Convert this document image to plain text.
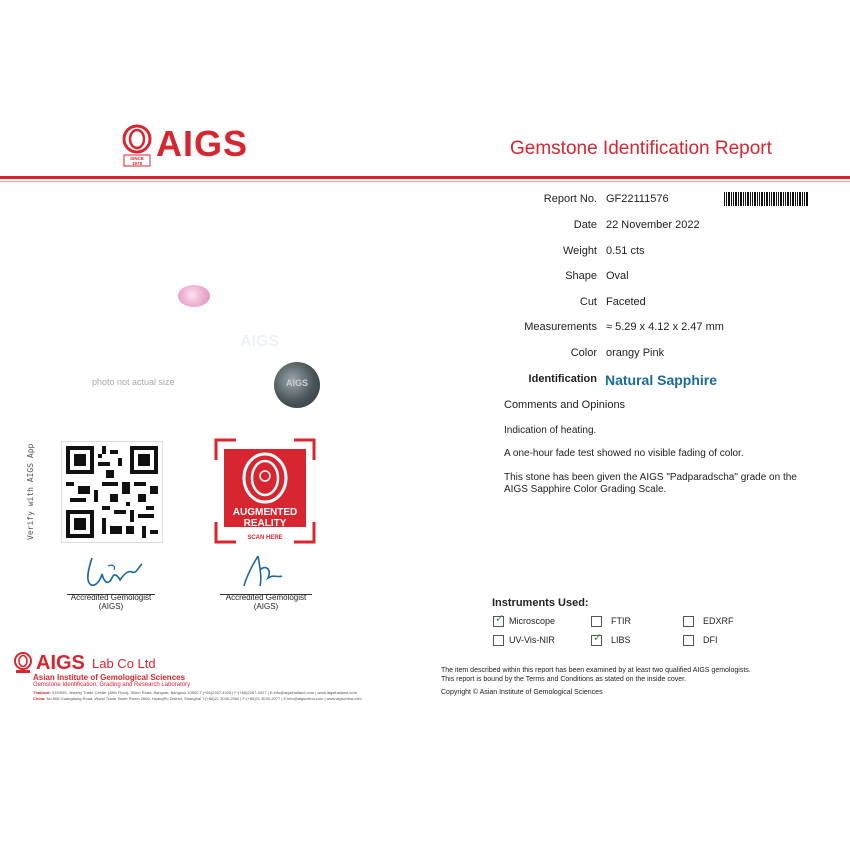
SINCE 1978 AIGS	Gemstone Identification Report
Report No. GF22111576
Date 22 November 2022
Weight 0.51 cts
Shape Oval
Cut Faceted
Measurements ≈ 5.29 x 4.12 x 2.47 mm
Color orangy Pink
Identification Natural Sapphire
Comments and Opinions
Indication of heating.
A one-hour fade test showed no visible fading of color.
This stone has been given the AIGS "Padparadscha" grade on the AIGS Sapphire Color Grading Scale.
AIGS
photo not actual size	AIGS
Verify with AIGS App	AUGMENTED
REALITY
SCAN HERE
Accredited Gemologist
(AIGS)
Accredited Gemologist
(AIGS)
AIGS Lab Co Ltd
Asian Institute of Gemological Sciences
Gemstone Identification, Grading and Research Laboratory
Thailand: 919/539, Jewelry Trade Center (48th Floor), Silom Road, Bangrak, Bangkok 10500 T:(+66)2267-4325 | F:(+66)2267-4327 | E:info@aigsthailand.com | www.aigsthailand.com
China: No.808 Guangdong Road, World Trade Tower Room 2606, HuangPu District, Shanghai T:(+86)21 3030-2060 | F:(+86)21 3030-2077 | E:info@aigschina.com | www.aigschina.com
Instruments Used:
✓ Microscope	FTIR	EDXRF
UV-Vis-NIR	✓ LIBS	DFI
The item described within this report has been examined by at least two qualified AIGS gemologists.
This report is bound by the Terms and Conditions as stated on the inside cover.
Copyright © Asian Institute of Gemological Sciences
